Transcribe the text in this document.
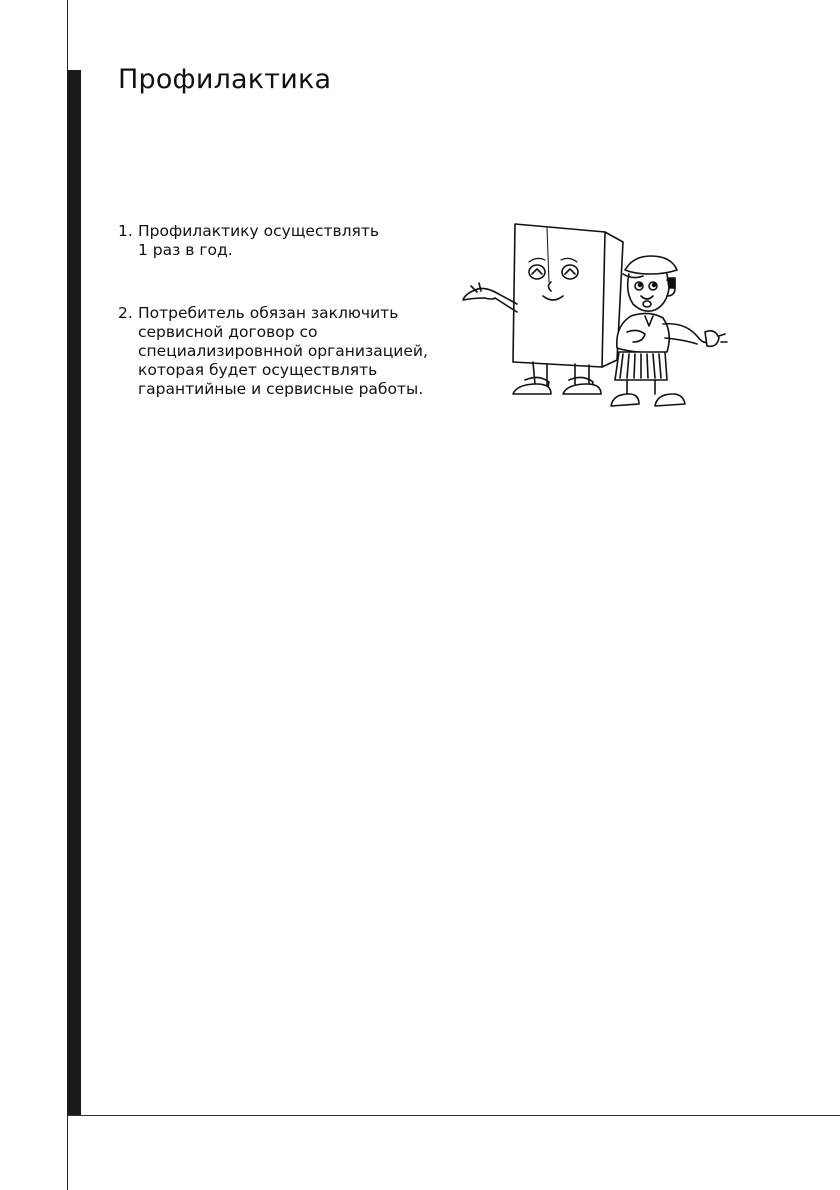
Профилактика
1. Профилактику осуществлять
1 раз в год.
2. Потребитель обязан заключить
сервисной договор со
специализировнной организацией,
которая будет осуществлять
гарантийные и сервисные работы.
